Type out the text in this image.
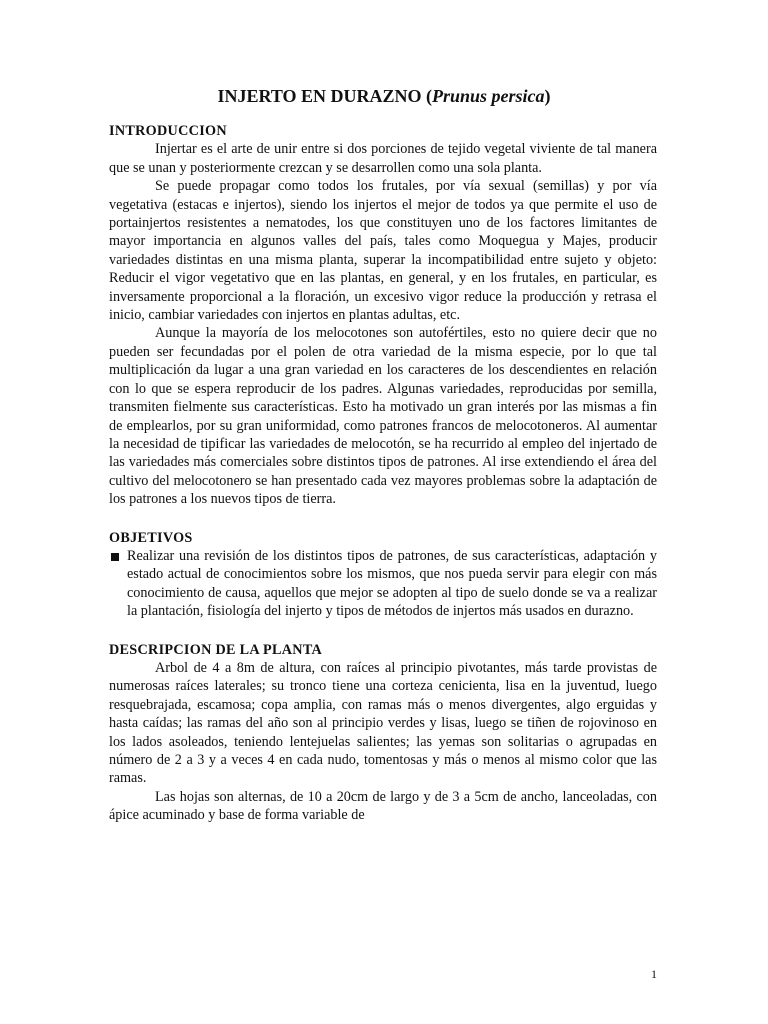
INJERTO EN DURAZNO (Prunus persica)

INTRODUCCION

Injertar es el arte de unir entre si dos porciones de tejido vegetal viviente de tal manera que se unan y posteriormente crezcan y se desarrollen como una sola planta.

Se puede propagar como todos los frutales, por vía sexual (semillas) y por vía vegetativa (estacas e injertos), siendo los injertos el mejor de todos ya que permite el uso de portainjertos resistentes a nematodes, los que constituyen uno de los factores limitantes de mayor importancia en algunos valles del país, tales como Moquegua y Majes, producir variedades distintas en una misma planta, superar la incompatibilidad entre sujeto y objeto: Reducir el vigor vegetativo que en las plantas, en general, y en los frutales, en particular, es inversamente proporcional a la floración, un excesivo vigor reduce la producción y retrasa el inicio, cambiar variedades con injertos en plantas adultas, etc.

Aunque la mayoría de los melocotones son autofértiles, esto no quiere decir que no pueden ser fecundadas por el polen de otra variedad de la misma especie, por lo que tal multiplicación da lugar a una gran variedad en los caracteres de los descendientes en relación con lo que se espera reproducir de los padres. Algunas variedades, reproducidas por semilla, transmiten fielmente sus características. Esto ha motivado un gran interés por las mismas a fin de emplearlos, por su gran uniformidad, como patrones francos de melocotoneros. Al aumentar la necesidad de tipificar las variedades de melocotón, se ha recurrido al empleo del injertado de las variedades más comerciales sobre distintos tipos de patrones. Al irse extendiendo el área del cultivo del melocotonero se han presentado cada vez mayores problemas sobre la adaptación de los patrones a los nuevos tipos de tierra.

OBJETIVOS

Realizar una revisión de los distintos tipos de patrones, de sus características, adaptación y estado actual de conocimientos sobre los mismos, que nos pueda servir para elegir con más conocimiento de causa, aquellos que mejor se adopten al tipo de suelo donde se va a realizar la plantación, fisiología del injerto y tipos de métodos de injertos más usados en durazno.

DESCRIPCION DE LA PLANTA

Arbol de 4 a 8m de altura, con raíces al principio pivotantes, más tarde provistas de numerosas raíces laterales; su tronco tiene una corteza cenicienta, lisa en la juventud, luego resquebrajada, escamosa; copa amplia, con ramas más o menos divergentes, algo erguidas y hasta caídas; las ramas del año son al principio verdes y lisas, luego se tiñen de rojovinoso en los lados asoleados, teniendo lentejuelas salientes; las yemas son solitarias o agrupadas en número de 2 a 3 y a veces 4 en cada nudo, tomentosas y más o menos al mismo color que las ramas.

Las hojas son alternas, de 10 a 20cm de largo y de 3 a 5cm de ancho, lanceoladas, con ápice acuminado y base de forma variable de

1
